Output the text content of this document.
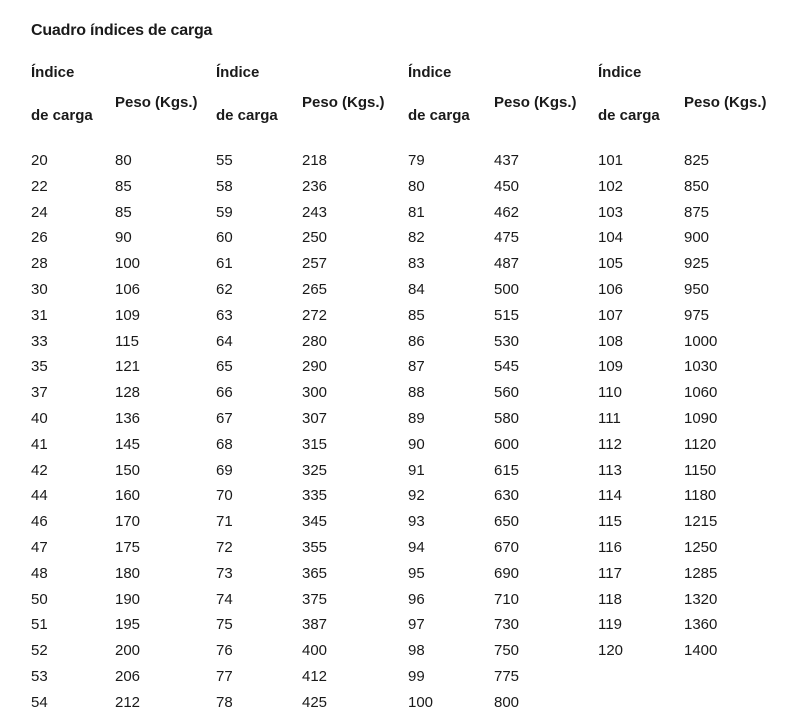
Cuadro índices de carga
Índice
de carga
Peso (Kgs.)
20	80
22	85
24	85
26	90
28	100
30	106
31	109
33	115
35	121
37	128
40	136
41	145
42	150
44	160
46	170
47	175
48	180
50	190
51	195
52	200
53	206
54	212
Índice
de carga
Peso (Kgs.)
55	218
58	236
59	243
60	250
61	257
62	265
63	272
64	280
65	290
66	300
67	307
68	315
69	325
70	335
71	345
72	355
73	365
74	375
75	387
76	400
77	412
78	425
Índice
de carga
Peso (Kgs.)
79	437
80	450
81	462
82	475
83	487
84	500
85	515
86	530
87	545
88	560
89	580
90	600
91	615
92	630
93	650
94	670
95	690
96	710
97	730
98	750
99	775
100	800
Índice
de carga
Peso (Kgs.)
101	825
102	850
103	875
104	900
105	925
106	950
107	975
108	1000
109	1030
110	1060
111	1090
112	1120
113	1150
114	1180
115	1215
116	1250
117	1285
118	1320
119	1360
120	1400
